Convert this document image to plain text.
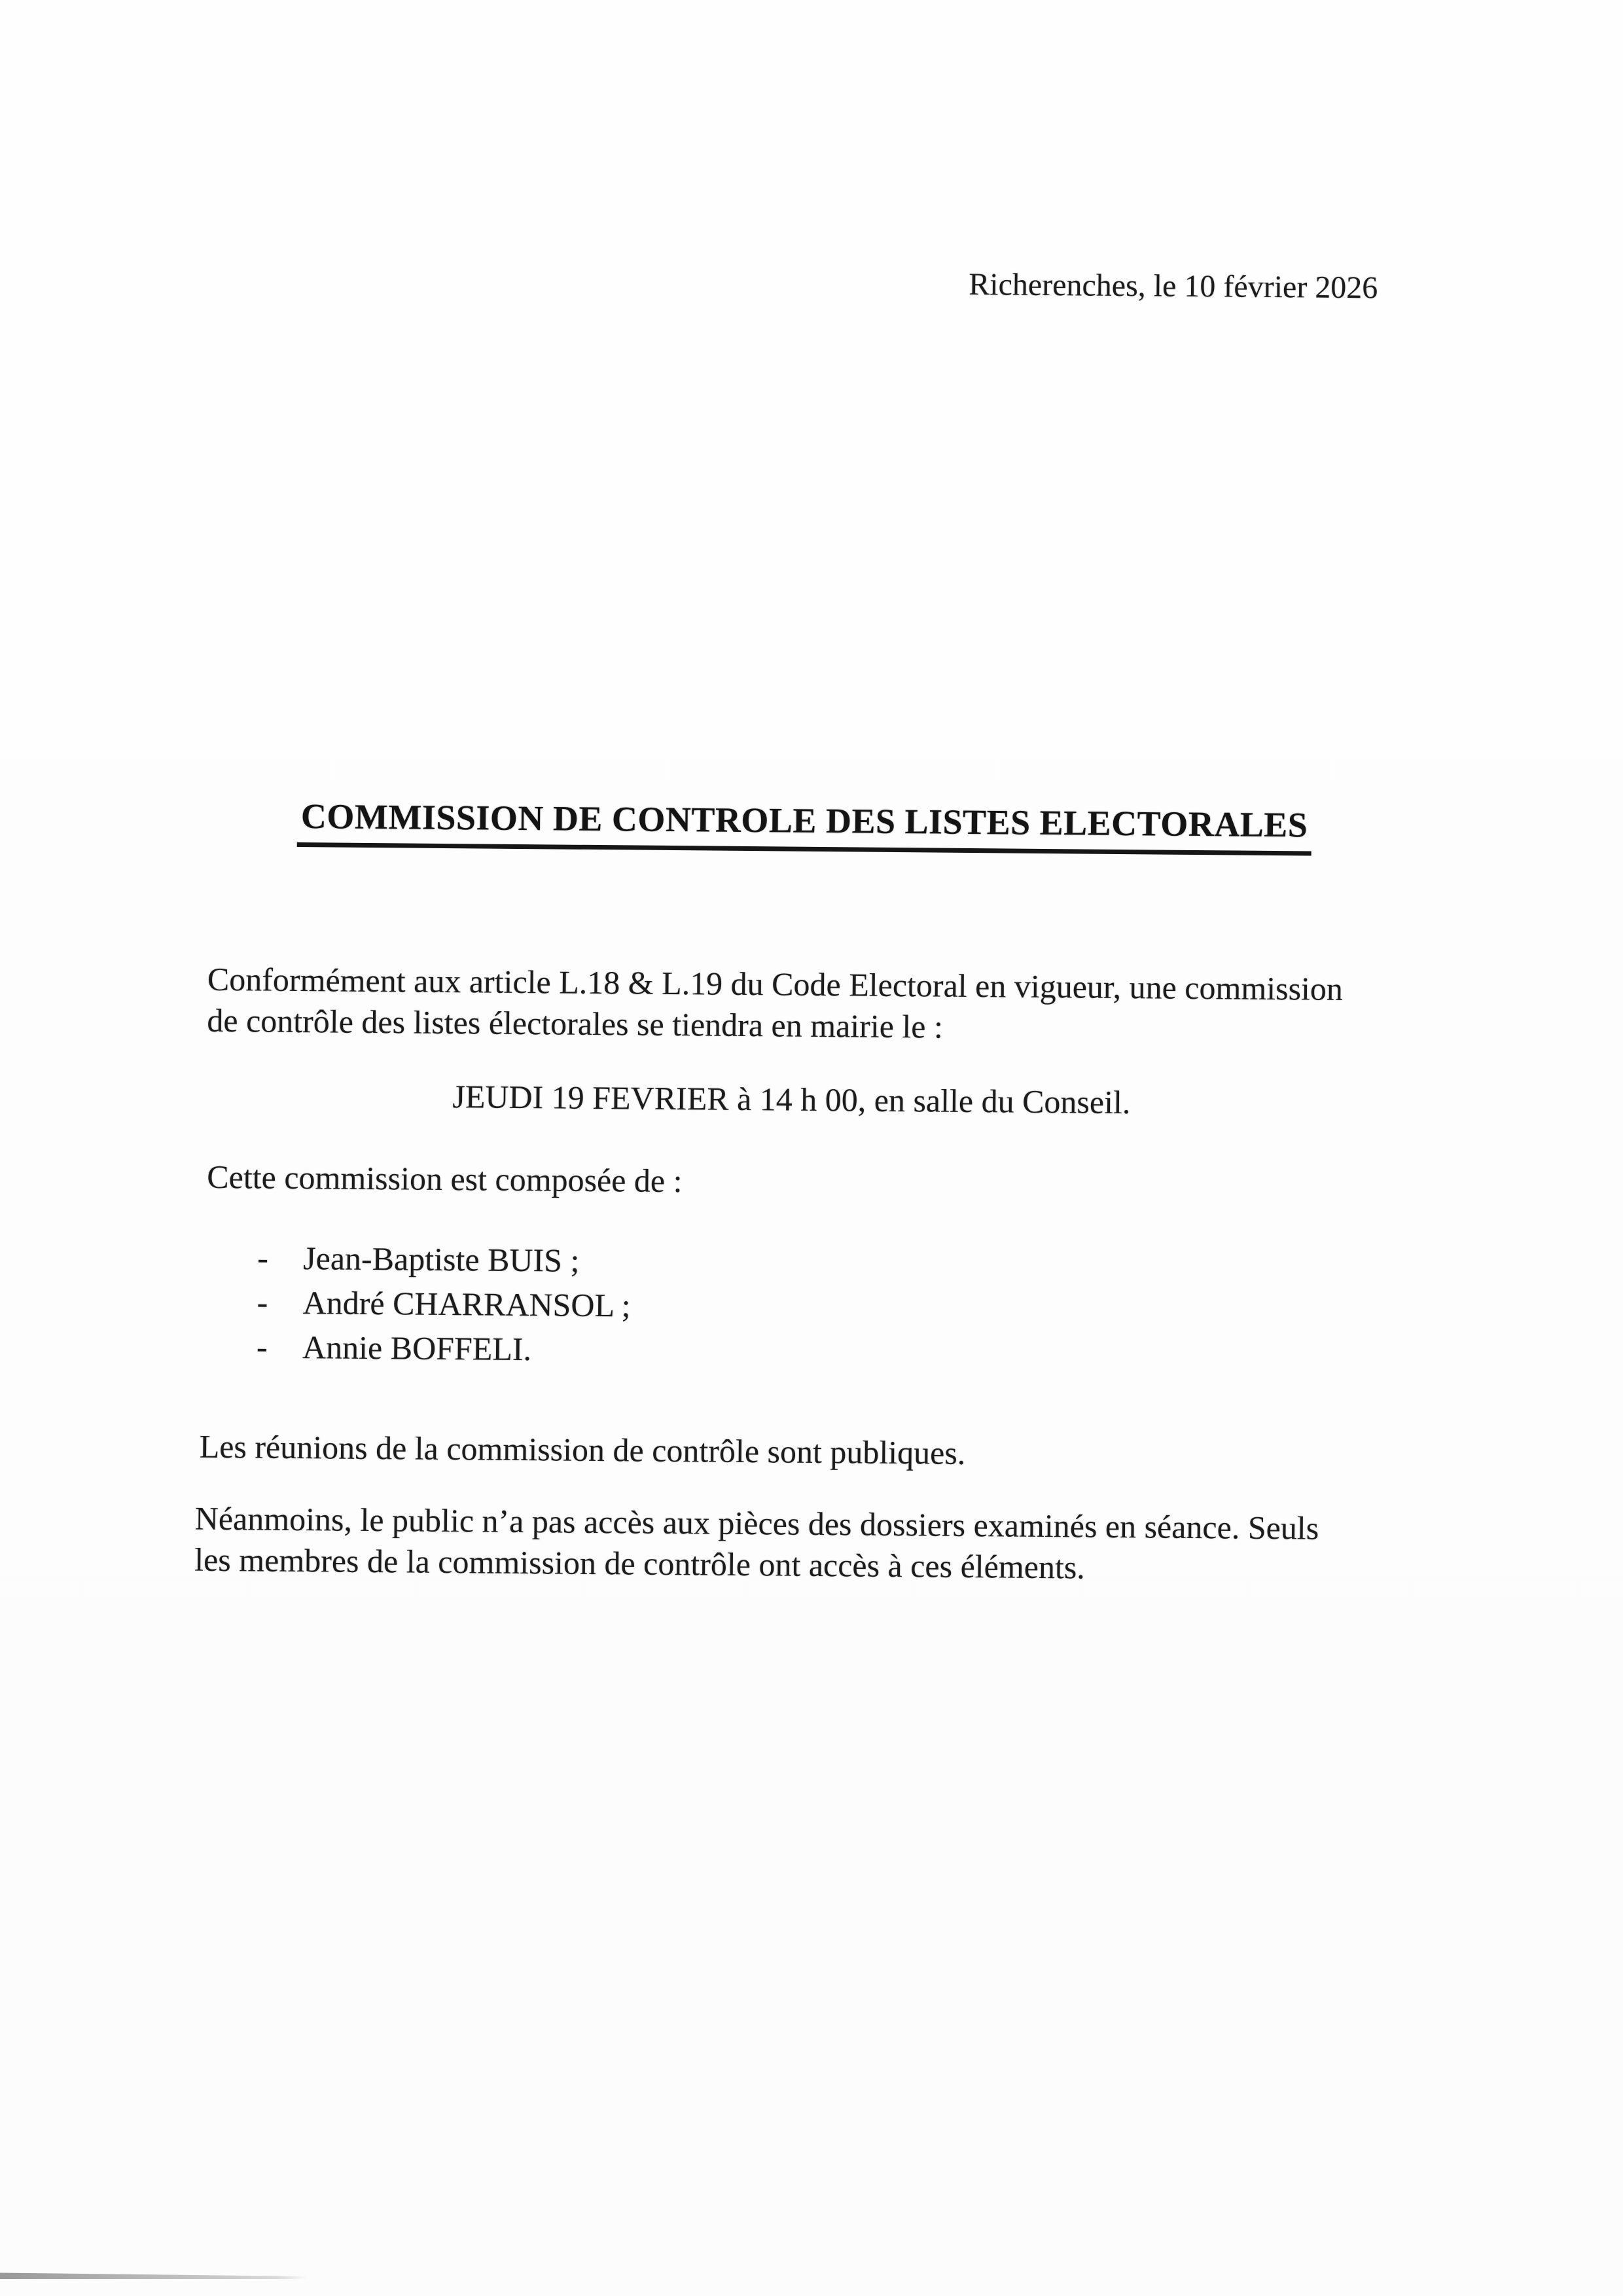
Richerenches, le 10 février 2026
COMMISSION DE CONTROLE DES LISTES ELECTORALES
Conformément aux article L.18 & L.19 du Code Electoral en vigueur, une commission
de contrôle des listes électorales se tiendra en mairie le :
JEUDI 19 FEVRIER à 14 h 00, en salle du Conseil.
Cette commission est composée de :
-	Jean-Baptiste BUIS ;
-	André CHARRANSOL ;
-	Annie BOFFELI.
Les réunions de la commission de contrôle sont publiques.
Néanmoins, le public n’a pas accès aux pièces des dossiers examinés en séance. Seuls
les membres de la commission de contrôle ont accès à ces éléments.
